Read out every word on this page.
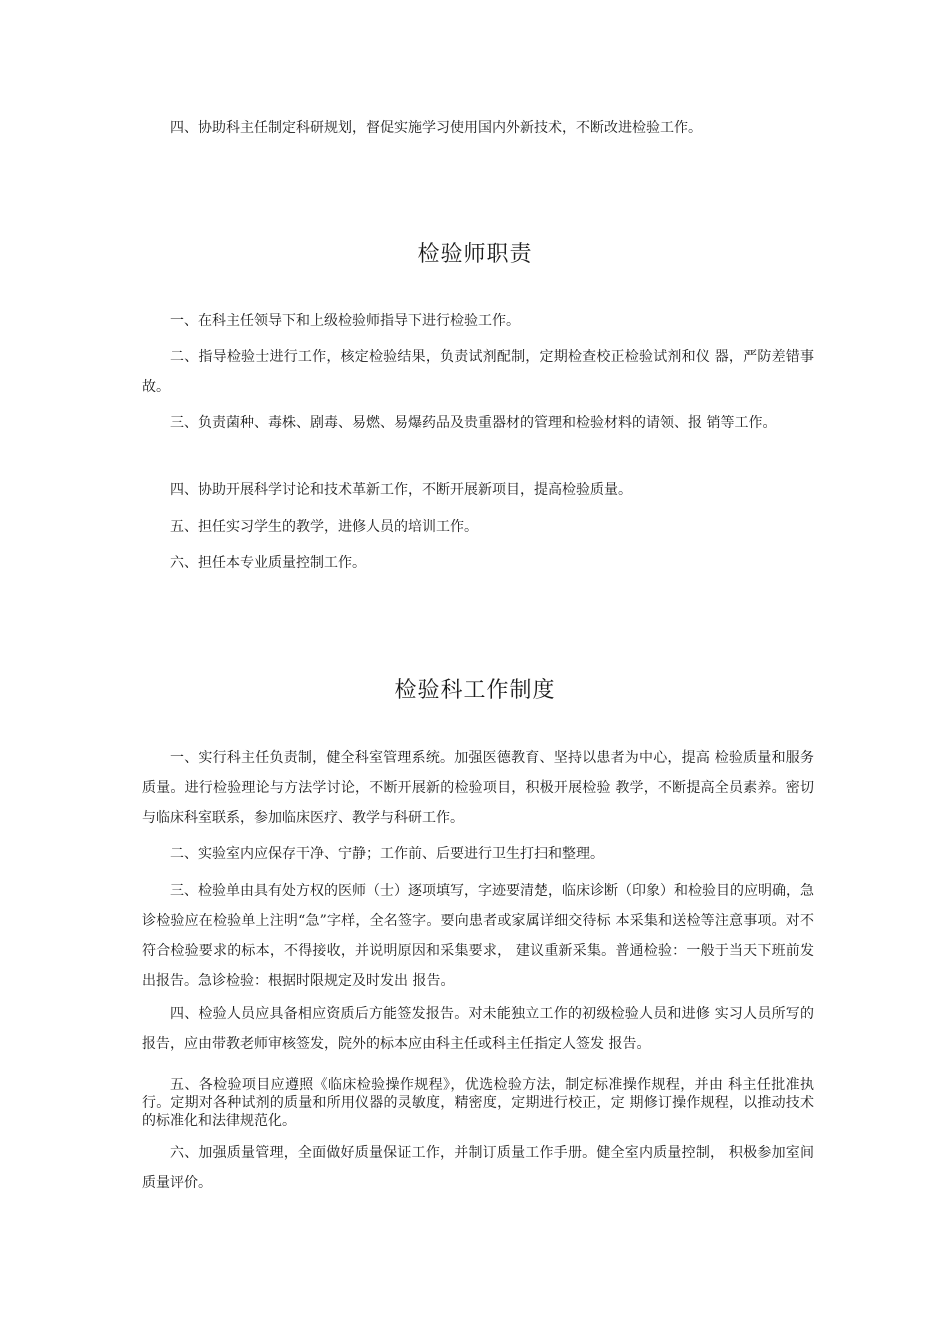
四、协助科主任制定科研规划，督促实施学习使用国内外新技术，不断改进检验工作。

检验师职责

一、在科主任领导下和上级检验师指导下进行检验工作。

二、指导检验士进行工作，核定检验结果，负责试剂配制，定期检查校正检验试剂和仪 器，严防差错事故。

三、负责菌种、毒株、剧毒、易燃、易爆药品及贵重器材的管理和检验材料的请领、报 销等工作。

四、协助开展科学讨论和技术革新工作，不断开展新项目，提高检验质量。

五、担任实习学生的教学，进修人员的培训工作。

六、担任本专业质量控制工作。

检验科工作制度

一、实行科主任负责制，健全科室管理系统。加强医德教育、坚持以患者为中心，提高 检验质量和服务质量。进行检验理论与方法学讨论，不断开展新的检验项目，积极开展检验 教学，不断提高全员素养。密切与临床科室联系，参加临床医疗、教学与科研工作。

二、实验室内应保存干净、宁静；工作前、后要进行卫生打扫和整理。

三、检验单由具有处方权的医师（士）逐项填写，字迹要清楚，临床诊断（印象）和检验目的应明确，急诊检验应在检验单上注明“急”字样，全名签字。要向患者或家属详细交待标 本采集和送检等注意事项。对不符合检验要求的标本，不得接收，并说明原因和采集要求， 建议重新采集。普通检验：一般于当天下班前发出报告。急诊检验：根据时限规定及时发出 报告。

四、检验人员应具备相应资质后方能签发报告。对未能独立工作的初级检验人员和进修 实习人员所写的报告，应由带教老师审核签发，院外的标本应由科主任或科主任指定人签发 报告。

五、各检验项目应遵照《临床检验操作规程》，优选检验方法，制定标准操作规程，并由 科主任批准执行。定期对各种试剂的质量和所用仪器的灵敏度，精密度，定期进行校正，定 期修订操作规程，以推动技术的标准化和法律规范化。

六、加强质量管理，全面做好质量保证工作，并制订质量工作手册。健全室内质量控制， 积极参加室间质量评价。
